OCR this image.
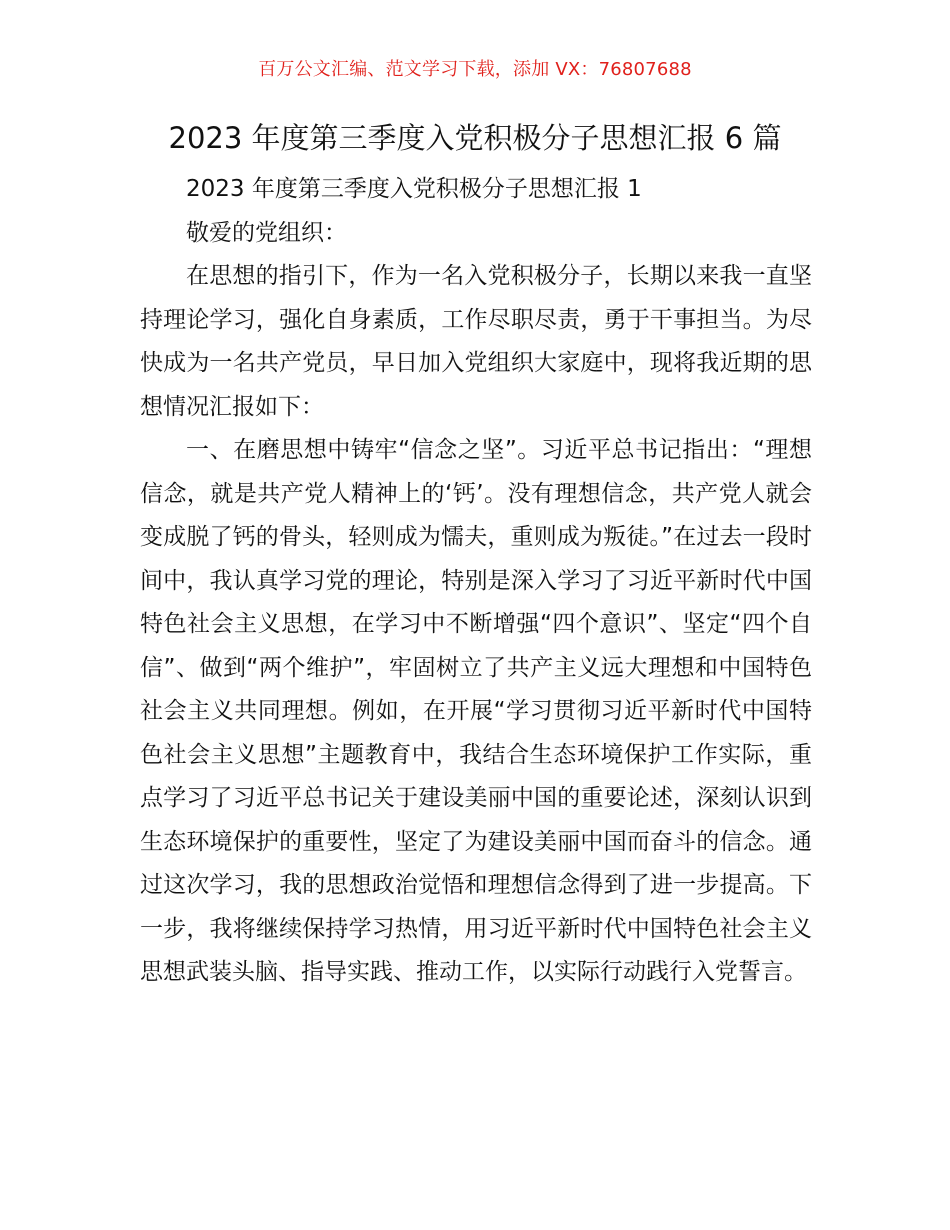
百万公文汇编、范文学习下载，添加 VX：76807688
2023 年度第三季度入党积极分子思想汇报 6 篇

2023 年度第三季度入党积极分子思想汇报 1

敬爱的党组织：

在思想的指引下，作为一名入党积极分子，长期以来我一直坚持理论学习，强化自身素质，工作尽职尽责，勇于干事担当。为尽快成为一名共产党员，早日加入党组织大家庭中，现将我近期的思想情况汇报如下：

一、在磨思想中铸牢“信念之坚”。习近平总书记指出：“理想信念，就是共产党人精神上的‘钙’。没有理想信念，共产党人就会变成脱了钙的骨头，轻则成为懦夫，重则成为叛徒。”在过去一段时间中，我认真学习党的理论，特别是深入学习了习近平新时代中国特色社会主义思想，在学习中不断增强“四个意识”、坚定“四个自信”、做到“两个维护”，牢固树立了共产主义远大理想和中国特色社会主义共同理想。例如，在开展“学习贯彻习近平新时代中国特色社会主义思想”主题教育中，我结合生态环境保护工作实际，重点学习了习近平总书记关于建设美丽中国的重要论述，深刻认识到生态环境保护的重要性，坚定了为建设美丽中国而奋斗的信念。通过这次学习，我的思想政治觉悟和理想信念得到了进一步提高。下一步，我将继续保持学习热情，用习近平新时代中国特色社会主义思想武装头脑、指导实践、推动工作，以实际行动践行入党誓言。
